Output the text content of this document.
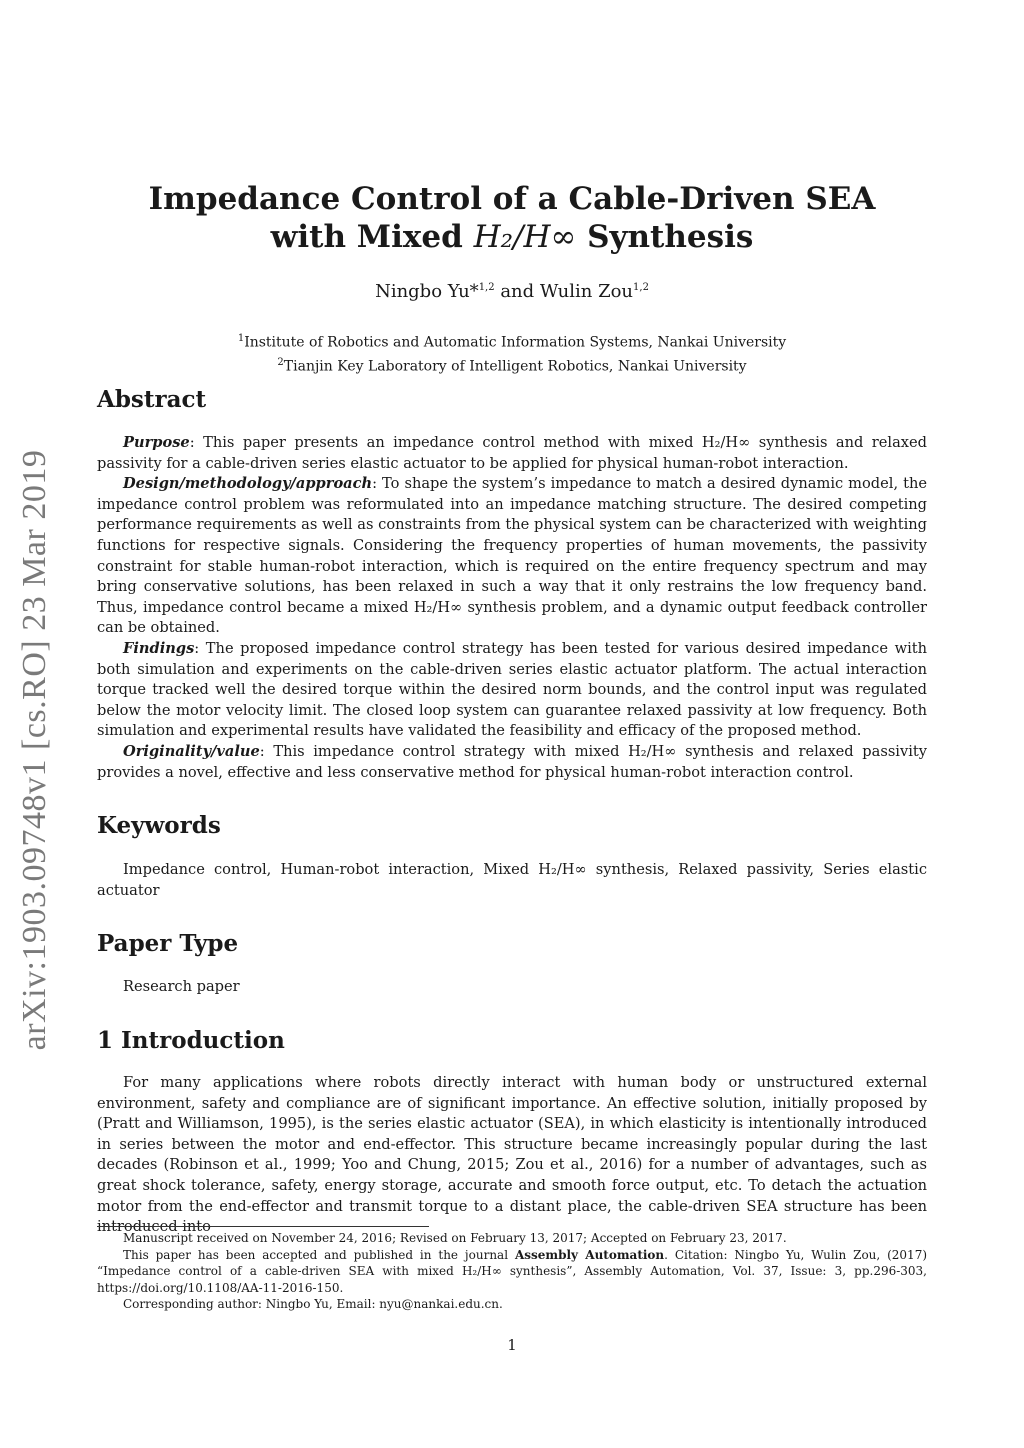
arXiv:1903.09748v1 [cs.RO] 23 Mar 2019
Impedance Control of a Cable-Driven SEA
with Mixed H₂/H∞ Synthesis
Ningbo Yu*$^{1,2}$ and Wulin Zou$^{1,2}$
$^1$Institute of Robotics and Automatic Information Systems, Nankai University
$^2$Tianjin Key Laboratory of Intelligent Robotics, Nankai University
Abstract

Purpose: This paper presents an impedance control method with mixed H₂/H∞ synthesis and relaxed passivity for a cable-driven series elastic actuator to be applied for physical human-robot interaction.

Design/methodology/approach: To shape the system’s impedance to match a desired dynamic model, the impedance control problem was reformulated into an impedance matching structure. The desired competing performance requirements as well as constraints from the physical system can be characterized with weighting functions for respective signals. Considering the frequency properties of human movements, the passivity constraint for stable human-robot interaction, which is required on the entire frequency spectrum and may bring conservative solutions, has been relaxed in such a way that it only restrains the low frequency band. Thus, impedance control became a mixed H₂/H∞ synthesis problem, and a dynamic output feedback controller can be obtained.

Findings: The proposed impedance control strategy has been tested for various desired impedance with both simulation and experiments on the cable-driven series elastic actuator platform. The actual interaction torque tracked well the desired torque within the desired norm bounds, and the control input was regulated below the motor velocity limit. The closed loop system can guarantee relaxed passivity at low frequency. Both simulation and experimental results have validated the feasibility and efficacy of the proposed method.

Originality/value: This impedance control strategy with mixed H₂/H∞ synthesis and relaxed passivity provides a novel, effective and less conservative method for physical human-robot interaction control.

Keywords

Impedance control, Human-robot interaction, Mixed H₂/H∞ synthesis, Relaxed passivity, Series elastic actuator

Paper Type

Research paper

1 Introduction

For many applications where robots directly interact with human body or unstructured external environment, safety and compliance are of significant importance. An effective solution, initially proposed by (Pratt and Williamson, 1995), is the series elastic actuator (SEA), in which elasticity is intentionally introduced in series between the motor and end-effector. This structure became increasingly popular during the last decades (Robinson et al., 1999; Yoo and Chung, 2015; Zou et al., 2016) for a number of advantages, such as great shock tolerance, safety, energy storage, accurate and smooth force output, etc. To detach the actuation motor from the end-effector and transmit torque to a distant place, the cable-driven SEA structure has been introduced into

Manuscript received on November 24, 2016; Revised on February 13, 2017; Accepted on February 23, 2017.

This paper has been accepted and published in the journal Assembly Automation. Citation: Ningbo Yu, Wulin Zou, (2017) “Impedance control of a cable-driven SEA with mixed H₂/H∞ synthesis”, Assembly Automation, Vol. 37, Issue: 3, pp.296-303, https://doi.org/10.1108/AA-11-2016-150.

Corresponding author: Ningbo Yu, Email: nyu@nankai.edu.cn.

1
